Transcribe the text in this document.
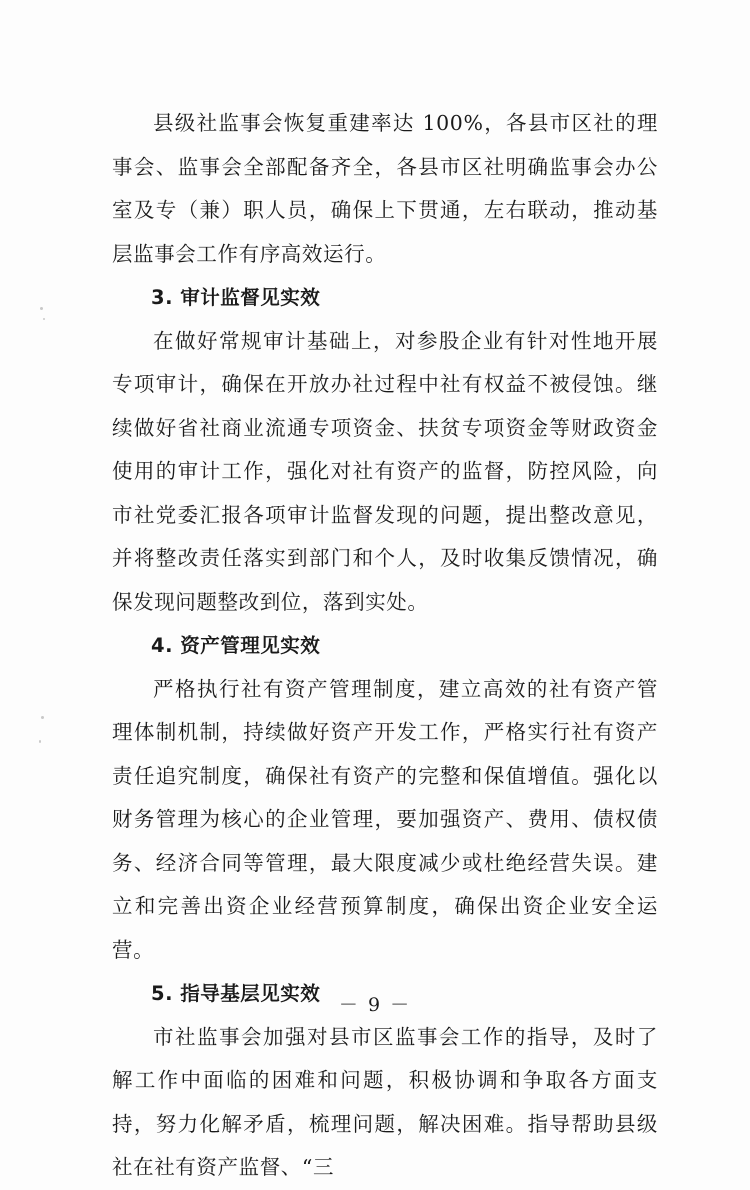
县级社监事会恢复重建率达 100%，各县市区社的理事会、监事会全部配备齐全，各县市区社明确监事会办公室及专（兼）职人员，确保上下贯通，左右联动，推动基层监事会工作有序高效运行。

3. 审计监督见实效

在做好常规审计基础上，对参股企业有针对性地开展专项审计，确保在开放办社过程中社有权益不被侵蚀。继续做好省社商业流通专项资金、扶贫专项资金等财政资金使用的审计工作，强化对社有资产的监督，防控风险，向市社党委汇报各项审计监督发现的问题，提出整改意见，并将整改责任落实到部门和个人，及时收集反馈情况，确保发现问题整改到位，落到实处。

4. 资产管理见实效

严格执行社有资产管理制度，建立高效的社有资产管理体制机制，持续做好资产开发工作，严格实行社有资产责任追究制度，确保社有资产的完整和保值增值。强化以财务管理为核心的企业管理，要加强资产、费用、债权债务、经济合同等管理，最大限度减少或杜绝经营失误。建立和完善出资企业经营预算制度，确保出资企业安全运营。

5. 指导基层见实效

市社监事会加强对县市区监事会工作的指导，及时了解工作中面临的困难和问题，积极协调和争取各方面支持，努力化解矛盾，梳理问题，解决困难。指导帮助县级社在社有资产监督、“三

－ 9 －
